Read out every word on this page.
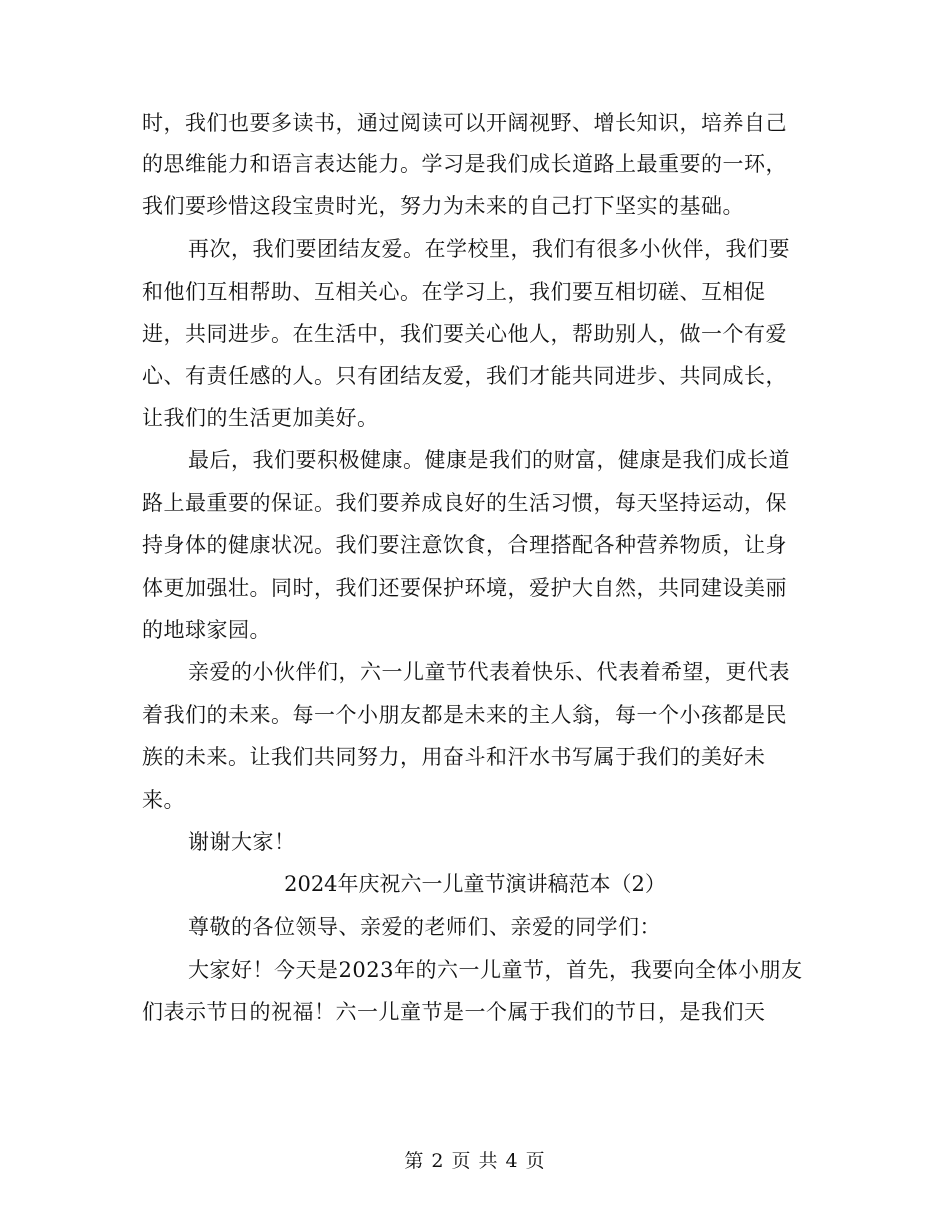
时，我们也要多读书，通过阅读可以开阔视野、增长知识，培养自己
的思维能力和语言表达能力。学习是我们成长道路上最重要的一环，
我们要珍惜这段宝贵时光，努力为未来的自己打下坚实的基础。
再次，我们要团结友爱。在学校里，我们有很多小伙伴，我们要
和他们互相帮助、互相关心。在学习上，我们要互相切磋、互相促
进，共同进步。在生活中，我们要关心他人，帮助别人，做一个有爱
心、有责任感的人。只有团结友爱，我们才能共同进步、共同成长，
让我们的生活更加美好。
最后，我们要积极健康。健康是我们的财富，健康是我们成长道
路上最重要的保证。我们要养成良好的生活习惯，每天坚持运动，保
持身体的健康状况。我们要注意饮食，合理搭配各种营养物质，让身
体更加强壮。同时，我们还要保护环境，爱护大自然，共同建设美丽
的地球家园。
亲爱的小伙伴们，六一儿童节代表着快乐、代表着希望，更代表
着我们的未来。每一个小朋友都是未来的主人翁，每一个小孩都是民
族的未来。让我们共同努力，用奋斗和汗水书写属于我们的美好未
来。
谢谢大家！
2024年庆祝六一儿童节演讲稿范本（2）
尊敬的各位领导、亲爱的老师们、亲爱的同学们：
大家好！今天是2023年的六一儿童节，首先，我要向全体小朋友
们表示节日的祝福！六一儿童节是一个属于我们的节日，是我们天
第 2 页 共 4 页
